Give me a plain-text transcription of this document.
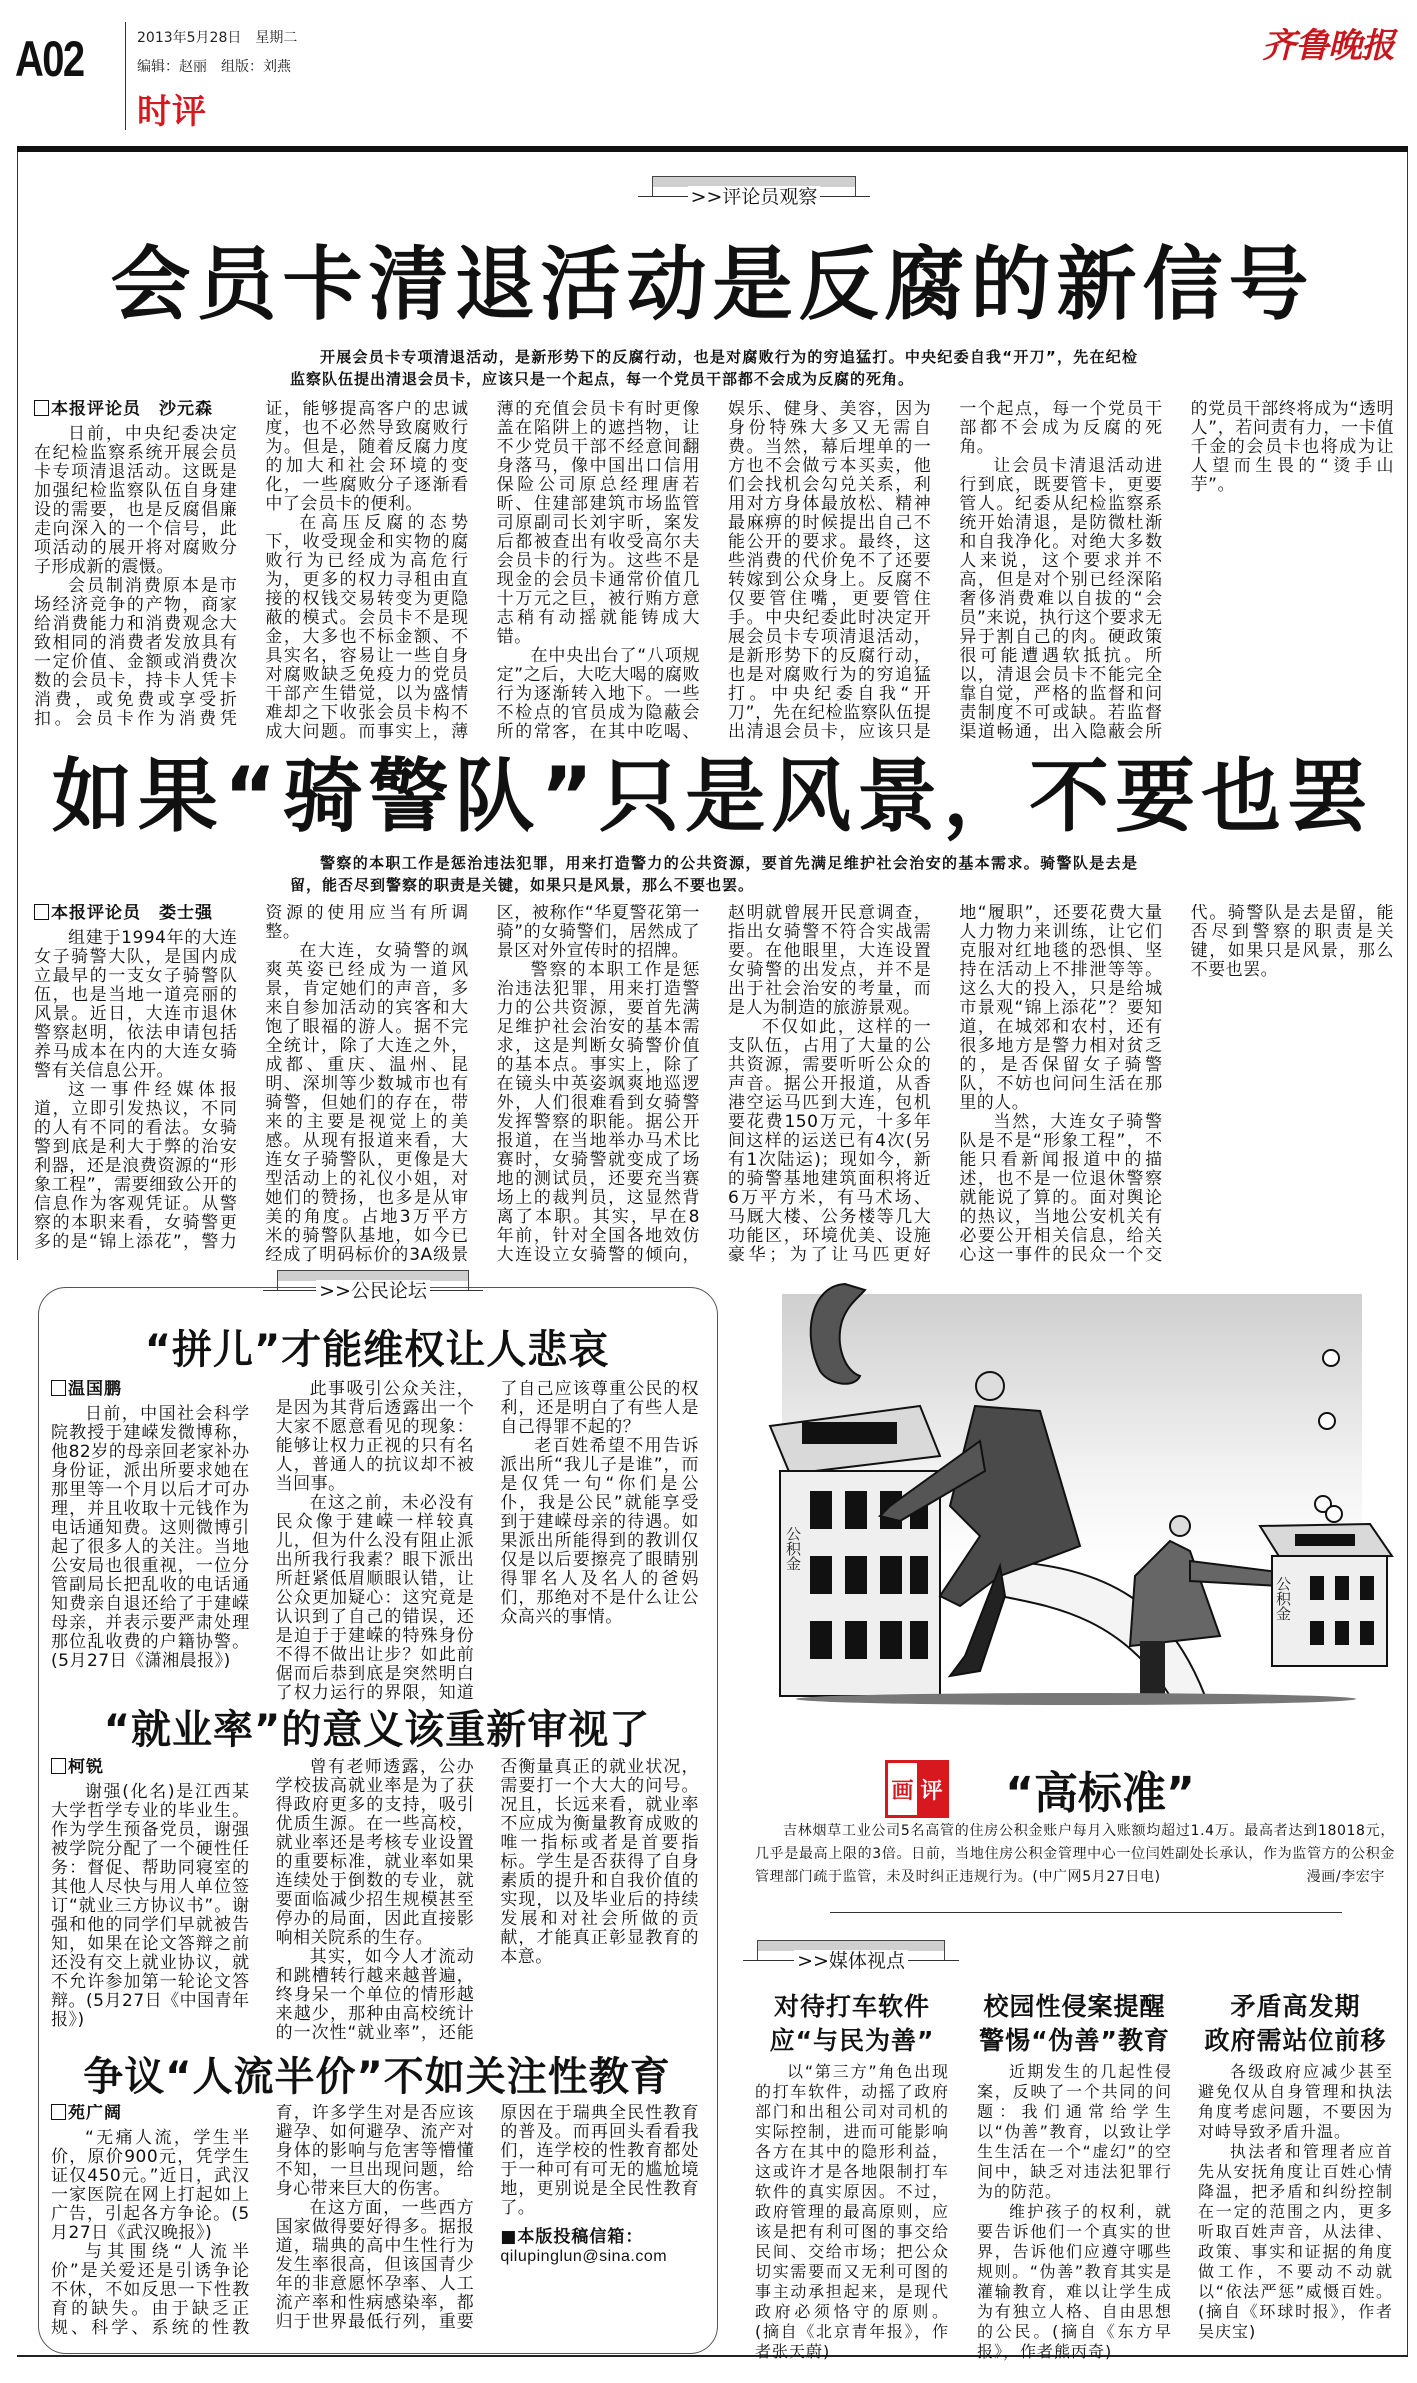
A02	2013年5月28日　星期二
编辑：赵丽　组版：刘燕
时评
齐鲁晚报
>>评论员观察
会员卡清退活动是反腐的新信号

开展会员卡专项清退活动，是新形势下的反腐行动，也是对腐败行为的穷追猛打。中央纪委自我“开刀”，先在纪检监察队伍提出清退会员卡，应该只是一个起点，每一个党员干部都不会成为反腐的死角。

本报评论员　沙元森

日前，中央纪委决定在纪检监察系统开展会员卡专项清退活动。这既是加强纪检监察队伍自身建设的需要，也是反腐倡廉走向深入的一个信号，此项活动的展开将对腐败分子形成新的震慑。

会员制消费原本是市场经济竞争的产物，商家给消费能力和消费观念大致相同的消费者发放具有一定价值、金额或消费次数的会员卡，持卡人凭卡消费，或免费或享受折扣。会员卡作为消费凭证，能够提高客户的忠诚度，也不必然导致腐败行为。但是，随着反腐力度的加大和社会环境的变化，一些腐败分子逐渐看中了会员卡的便利。

在高压反腐的态势下，收受现金和实物的腐败行为已经成为高危行为，更多的权力寻租由直接的权钱交易转变为更隐蔽的模式。会员卡不是现金，大多也不标金额、不具实名，容易让一些自身对腐败缺乏免疫力的党员干部产生错觉，以为盛情难却之下收张会员卡构不成大问题。而事实上，薄薄的充值会员卡有时更像盖在陷阱上的遮挡物，让不少党员干部不经意间翻身落马，像中国出口信用保险公司原总经理唐若昕、住建部建筑市场监管司原副司长刘宇昕，案发后都被查出有收受高尔夫会员卡的行为。这些不是现金的会员卡通常价值几十万元之巨，被行贿方意志稍有动摇就能铸成大错。

在中央出台了“八项规定”之后，大吃大喝的腐败行为逐渐转入地下。一些不检点的官员成为隐蔽会所的常客，在其中吃喝、娱乐、健身、美容，因为身份特殊大多又无需自费。当然，幕后埋单的一方也不会做亏本买卖，他们会找机会勾兑关系，利用对方身体最放松、精神最麻痹的时候提出自己不能公开的要求。最终，这些消费的代价免不了还要转嫁到公众身上。反腐不仅要管住嘴，更要管住手。中央纪委此时决定开展会员卡专项清退活动，是新形势下的反腐行动，也是对腐败行为的穷追猛打。中央纪委自我“开刀”，先在纪检监察队伍提出清退会员卡，应该只是一个起点，每一个党员干部都不会成为反腐的死角。

让会员卡清退活动进行到底，既要管卡，更要管人。纪委从纪检监察系统开始清退，是防微杜渐和自我净化。对绝大多数人来说，这个要求并不高，但是对个别已经深陷奢侈消费难以自拔的“会员”来说，执行这个要求无异于割自己的肉。硬政策很可能遭遇软抵抗。所以，清退会员卡不能完全靠自觉，严格的监督和问责制度不可或缺。若监督渠道畅通，出入隐蔽会所的党员干部终将成为“透明人”，若问责有力，一卡值千金的会员卡也将成为让人望而生畏的“烫手山芋”。

如果“骑警队”只是风景，不要也罢

警察的本职工作是惩治违法犯罪，用来打造警力的公共资源，要首先满足维护社会治安的基本需求。骑警队是去是留，能否尽到警察的职责是关键，如果只是风景，那么不要也罢。

本报评论员　娄士强

组建于1994年的大连女子骑警大队，是国内成立最早的一支女子骑警队伍，也是当地一道亮丽的风景。近日，大连市退休警察赵明，依法申请包括养马成本在内的大连女骑警有关信息公开。

这一事件经媒体报道，立即引发热议，不同的人有不同的看法。女骑警到底是利大于弊的治安利器，还是浪费资源的“形象工程”，需要细致公开的信息作为客观凭证。从警察的本职来看，女骑警更多的是“锦上添花”，警力资源的使用应当有所调整。

在大连，女骑警的飒爽英姿已经成为一道风景，肯定她们的声音，多来自参加活动的宾客和大饱了眼福的游人。据不完全统计，除了大连之外，成都、重庆、温州、昆明、深圳等少数城市也有骑警，但她们的存在，带来的主要是视觉上的美感。从现有报道来看，大连女子骑警队，更像是大型活动上的礼仪小姐，对她们的赞扬，也多是从审美的角度。占地3万平方米的骑警队基地，如今已经成了明码标价的3A级景区，被称作“华夏警花第一骑”的女骑警们，居然成了景区对外宣传时的招牌。

警察的本职工作是惩治违法犯罪，用来打造警力的公共资源，要首先满足维护社会治安的基本需求，这是判断女骑警价值的基本点。事实上，除了在镜头中英姿飒爽地巡逻外，人们很难看到女骑警发挥警察的职能。据公开报道，在当地举办马术比赛时，女骑警就变成了场地的测试员，还要充当赛场上的裁判员，这显然背离了本职。其实，早在8年前，针对全国各地效仿大连设立女骑警的倾向，赵明就曾展开民意调查，指出女骑警不符合实战需要。在他眼里，大连设置女骑警的出发点，并不是出于社会治安的考量，而是人为制造的旅游景观。

不仅如此，这样的一支队伍，占用了大量的公共资源，需要听听公众的声音。据公开报道，从香港空运马匹到大连，包机要花费150万元，十多年间这样的运送已有4次(另有1次陆运)；现如今，新的骑警基地建筑面积将近6万平方米，有马术场、马厩大楼、公务楼等几大功能区，环境优美、设施豪华；为了让马匹更好地“履职”，还要花费大量人力物力来训练，让它们克服对红地毯的恐惧、坚持在活动上不排泄等等。这么大的投入，只是给城市景观“锦上添花”？要知道，在城郊和农村，还有很多地方是警力相对贫乏的，是否保留女子骑警队，不妨也问问生活在那里的人。

当然，大连女子骑警队是不是“形象工程”，不能只看新闻报道中的描述，也不是一位退休警察就能说了算的。面对舆论的热议，当地公安机关有必要公开相关信息，给关心这一事件的民众一个交代。骑警队是去是留，能否尽到警察的职责是关键，如果只是风景，那么不要也罢。

>>公民论坛
“拼儿”才能维权让人悲哀

温国鹏

日前，中国社会科学院教授于建嵘发微博称，他82岁的母亲回老家补办身份证，派出所要求她在那里等一个月以后才可办理，并且收取十元钱作为电话通知费。这则微博引起了很多人的关注。当地公安局也很重视，一位分管副局长把乱收的电话通知费亲自退还给了于建嵘母亲，并表示要严肃处理那位乱收费的户籍协警。(5月27日《潇湘晨报》)

此事吸引公众关注，是因为其背后透露出一个大家不愿意看见的现象：能够让权力正视的只有名人，普通人的抗议却不被当回事。

在这之前，未必没有民众像于建嵘一样较真儿，但为什么没有阻止派出所我行我素？眼下派出所赶紧低眉顺眼认错，让公众更加疑心：这究竟是认识到了自己的错误，还是迫于于建嵘的特殊身份不得不做出让步？如此前倨而后恭到底是突然明白了权力运行的界限，知道了自己应该尊重公民的权利，还是明白了有些人是自己得罪不起的？

老百姓希望不用告诉派出所“我儿子是谁”，而是仅凭一句“你们是公仆，我是公民”就能享受到于建嵘母亲的待遇。如果派出所能得到的教训仅仅是以后要擦亮了眼睛别得罪名人及名人的爸妈们，那绝对不是什么让公众高兴的事情。

“就业率”的意义该重新审视了

柯锐

谢强(化名)是江西某大学哲学专业的毕业生。作为学生预备党员，谢强被学院分配了一个硬性任务：督促、帮助同寝室的其他人尽快与用人单位签订“就业三方协议书”。谢强和他的同学们早就被告知，如果在论文答辩之前还没有交上就业协议，就不允许参加第一轮论文答辩。(5月27日《中国青年报》)

曾有老师透露，公办学校拔高就业率是为了获得政府更多的支持，吸引优质生源。在一些高校，就业率还是考核专业设置的重要标准，就业率如果连续处于倒数的专业，就要面临减少招生规模甚至停办的局面，因此直接影响相关院系的生存。

其实，如今人才流动和跳槽转行越来越普遍，终身呆一个单位的情形越来越少，那种由高校统计的一次性“就业率”，还能否衡量真正的就业状况，需要打一个大大的问号。况且，长远来看，就业率不应成为衡量教育成败的唯一指标或者是首要指标。学生是否获得了自身素质的提升和自我价值的实现，以及毕业后的持续发展和对社会所做的贡献，才能真正彰显教育的本意。

争议“人流半价”不如关注性教育

苑广阔

“无痛人流，学生半价，原价900元，凭学生证仅450元。”近日，武汉一家医院在网上打起如上广告，引起各方争论。(5月27日《武汉晚报》)

与其围绕“人流半价”是关爱还是引诱争论不休，不如反思一下性教育的缺失。由于缺乏正规、科学、系统的性教育，许多学生对是否应该避孕、如何避孕、流产对身体的影响与危害等懵懂不知，一旦出现问题，给身心带来巨大的伤害。

在这方面，一些西方国家做得要好得多。据报道，瑞典的高中生性行为发生率很高，但该国青少年的非意愿怀孕率、人工流产率和性病感染率，都归于世界最低行列，重要原因在于瑞典全民性教育的普及。而再回头看看我们，连学校的性教育都处于一种可有可无的尴尬境地，更别说是全民性教育了。

■本版投稿信箱：

qilupinglun@sina.com

公积金
公积金
画 评 “高标准”

吉林烟草工业公司5名高管的住房公积金账户每月入账额均超过1.4万。最高者达到18018元，几乎是最高上限的3倍。日前，当地住房公积金管理中心一位闫姓副处长承认，作为监管方的公积金管理部门疏于监管，未及时纠正违规行为。(中广网5月27日电)	漫画/李宏宇

>>媒体视点
对待打车软件
应“与民为善”

以“第三方”角色出现的打车软件，动摇了政府部门和出租公司对司机的实际控制，进而可能影响各方在其中的隐形利益，这或许才是各地限制打车软件的真实原因。不过，政府管理的最高原则，应该是把有利可图的事交给民间、交给市场；把公众切实需要而又无利可图的事主动承担起来，是现代政府必须恪守的原则。(摘自《北京青年报》，作者张天蔚)

校园性侵案提醒
警惕“伪善”教育

近期发生的几起性侵案，反映了一个共同的问题：我们通常给学生以“伪善”教育，以致让学生生活在一个“虚幻”的空间中，缺乏对违法犯罪行为的防范。

维护孩子的权利，就要告诉他们一个真实的世界，告诉他们应遵守哪些规则。“伪善”教育其实是灌输教育，难以让学生成为有独立人格、自由思想的公民。(摘自《东方早报》，作者熊丙奇)

矛盾高发期
政府需站位前移

各级政府应减少甚至避免仅从自身管理和执法角度考虑问题，不要因为对峙导致矛盾升温。

执法者和管理者应首先从安抚角度让百姓心情降温，把矛盾和纠纷控制在一定的范围之内，更多听取百姓声音，从法律、政策、事实和证据的角度做工作，不要动不动就以“依法严惩”威慑百姓。(摘自《环球时报》，作者吴庆宝)
